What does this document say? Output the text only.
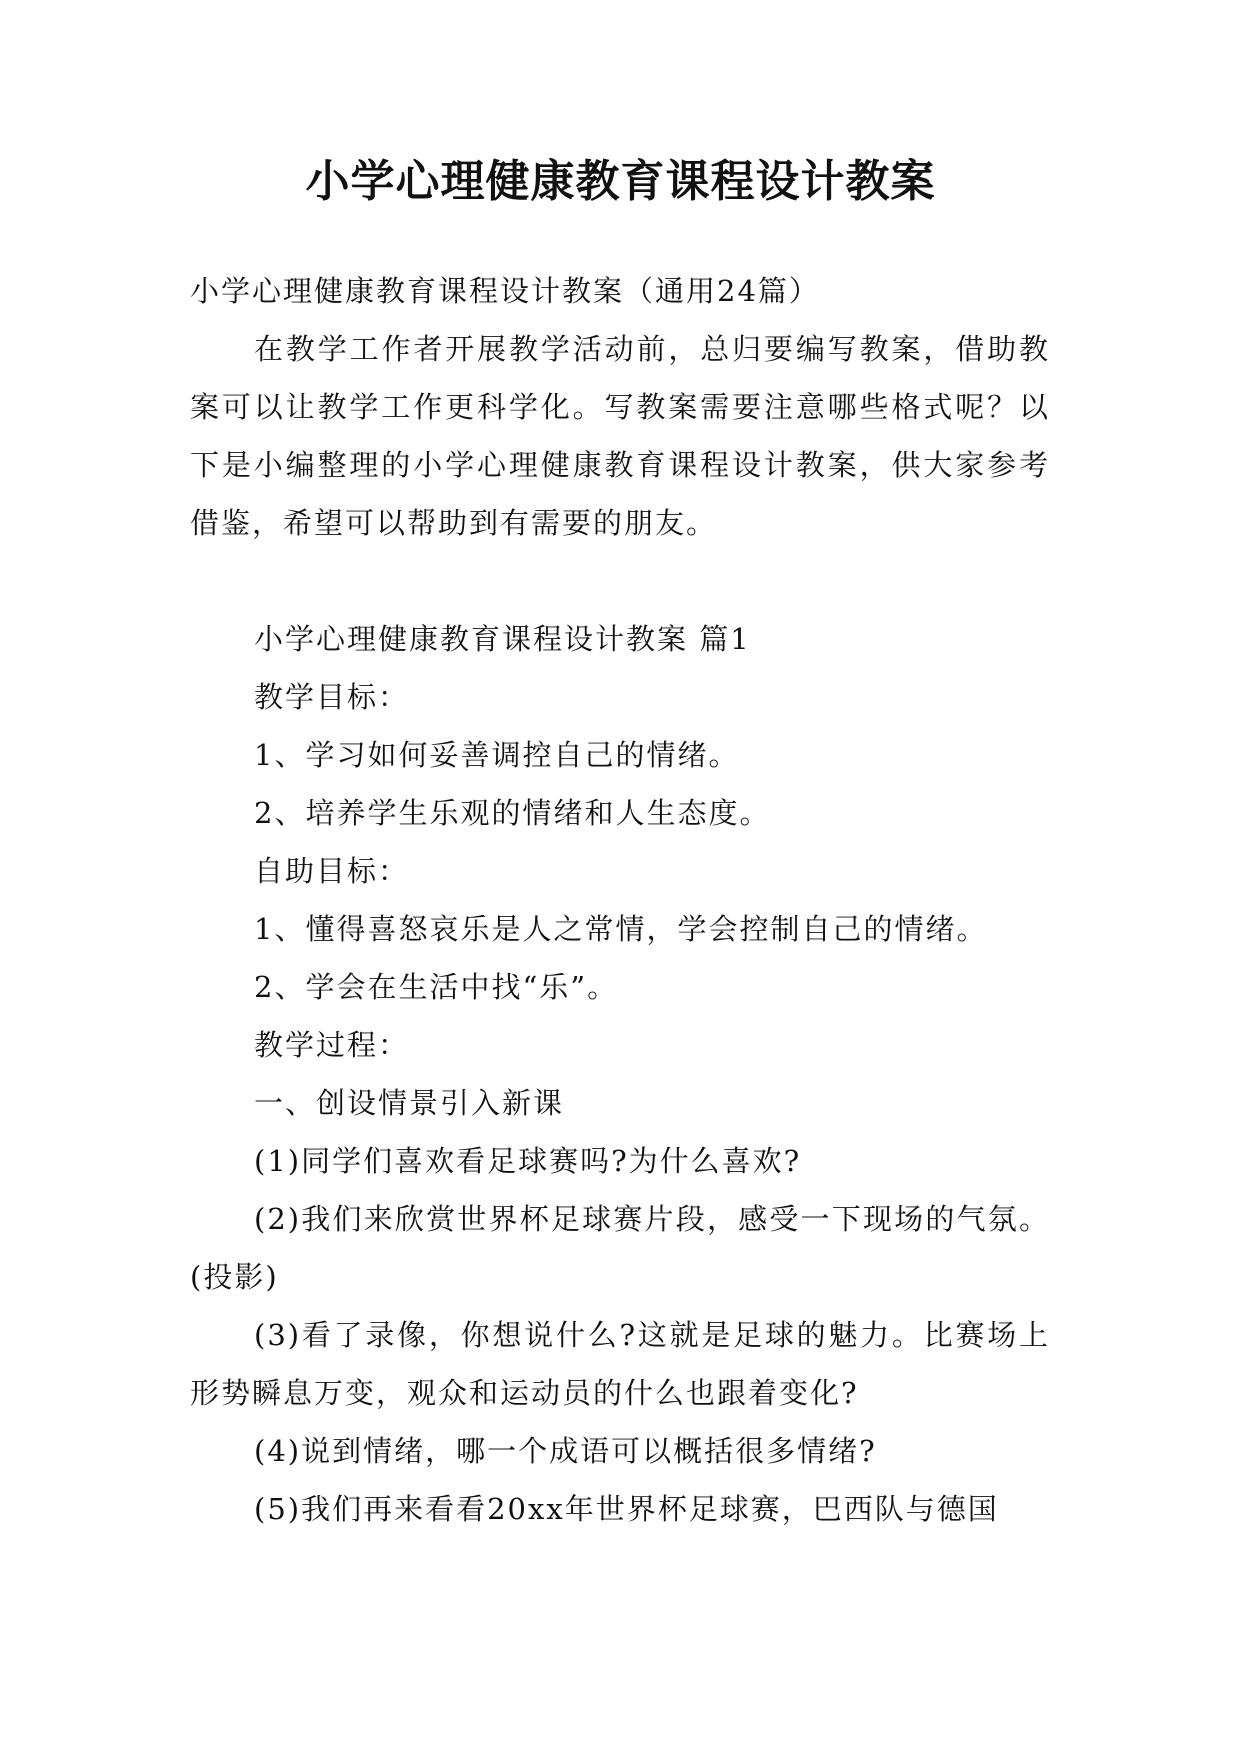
小学心理健康教育课程设计教案

小学心理健康教育课程设计教案（通用24篇）

在教学工作者开展教学活动前，总归要编写教案，借助教案可以让教学工作更科学化。写教案需要注意哪些格式呢？以下是小编整理的小学心理健康教育课程设计教案，供大家参考借鉴，希望可以帮助到有需要的朋友。

小学心理健康教育课程设计教案 篇1

教学目标：

1、学习如何妥善调控自己的情绪。

2、培养学生乐观的情绪和人生态度。

自助目标：

1、懂得喜怒哀乐是人之常情，学会控制自己的情绪。

2、学会在生活中找“乐”。

教学过程：

一、创设情景引入新课

(1)同学们喜欢看足球赛吗?为什么喜欢?

(2)我们来欣赏世界杯足球赛片段，感受一下现场的气氛。(投影)

(3)看了录像，你想说什么?这就是足球的魅力。比赛场上形势瞬息万变，观众和运动员的什么也跟着变化?

(4)说到情绪，哪一个成语可以概括很多情绪?

(5)我们再来看看20xx年世界杯足球赛，巴西队与德国
